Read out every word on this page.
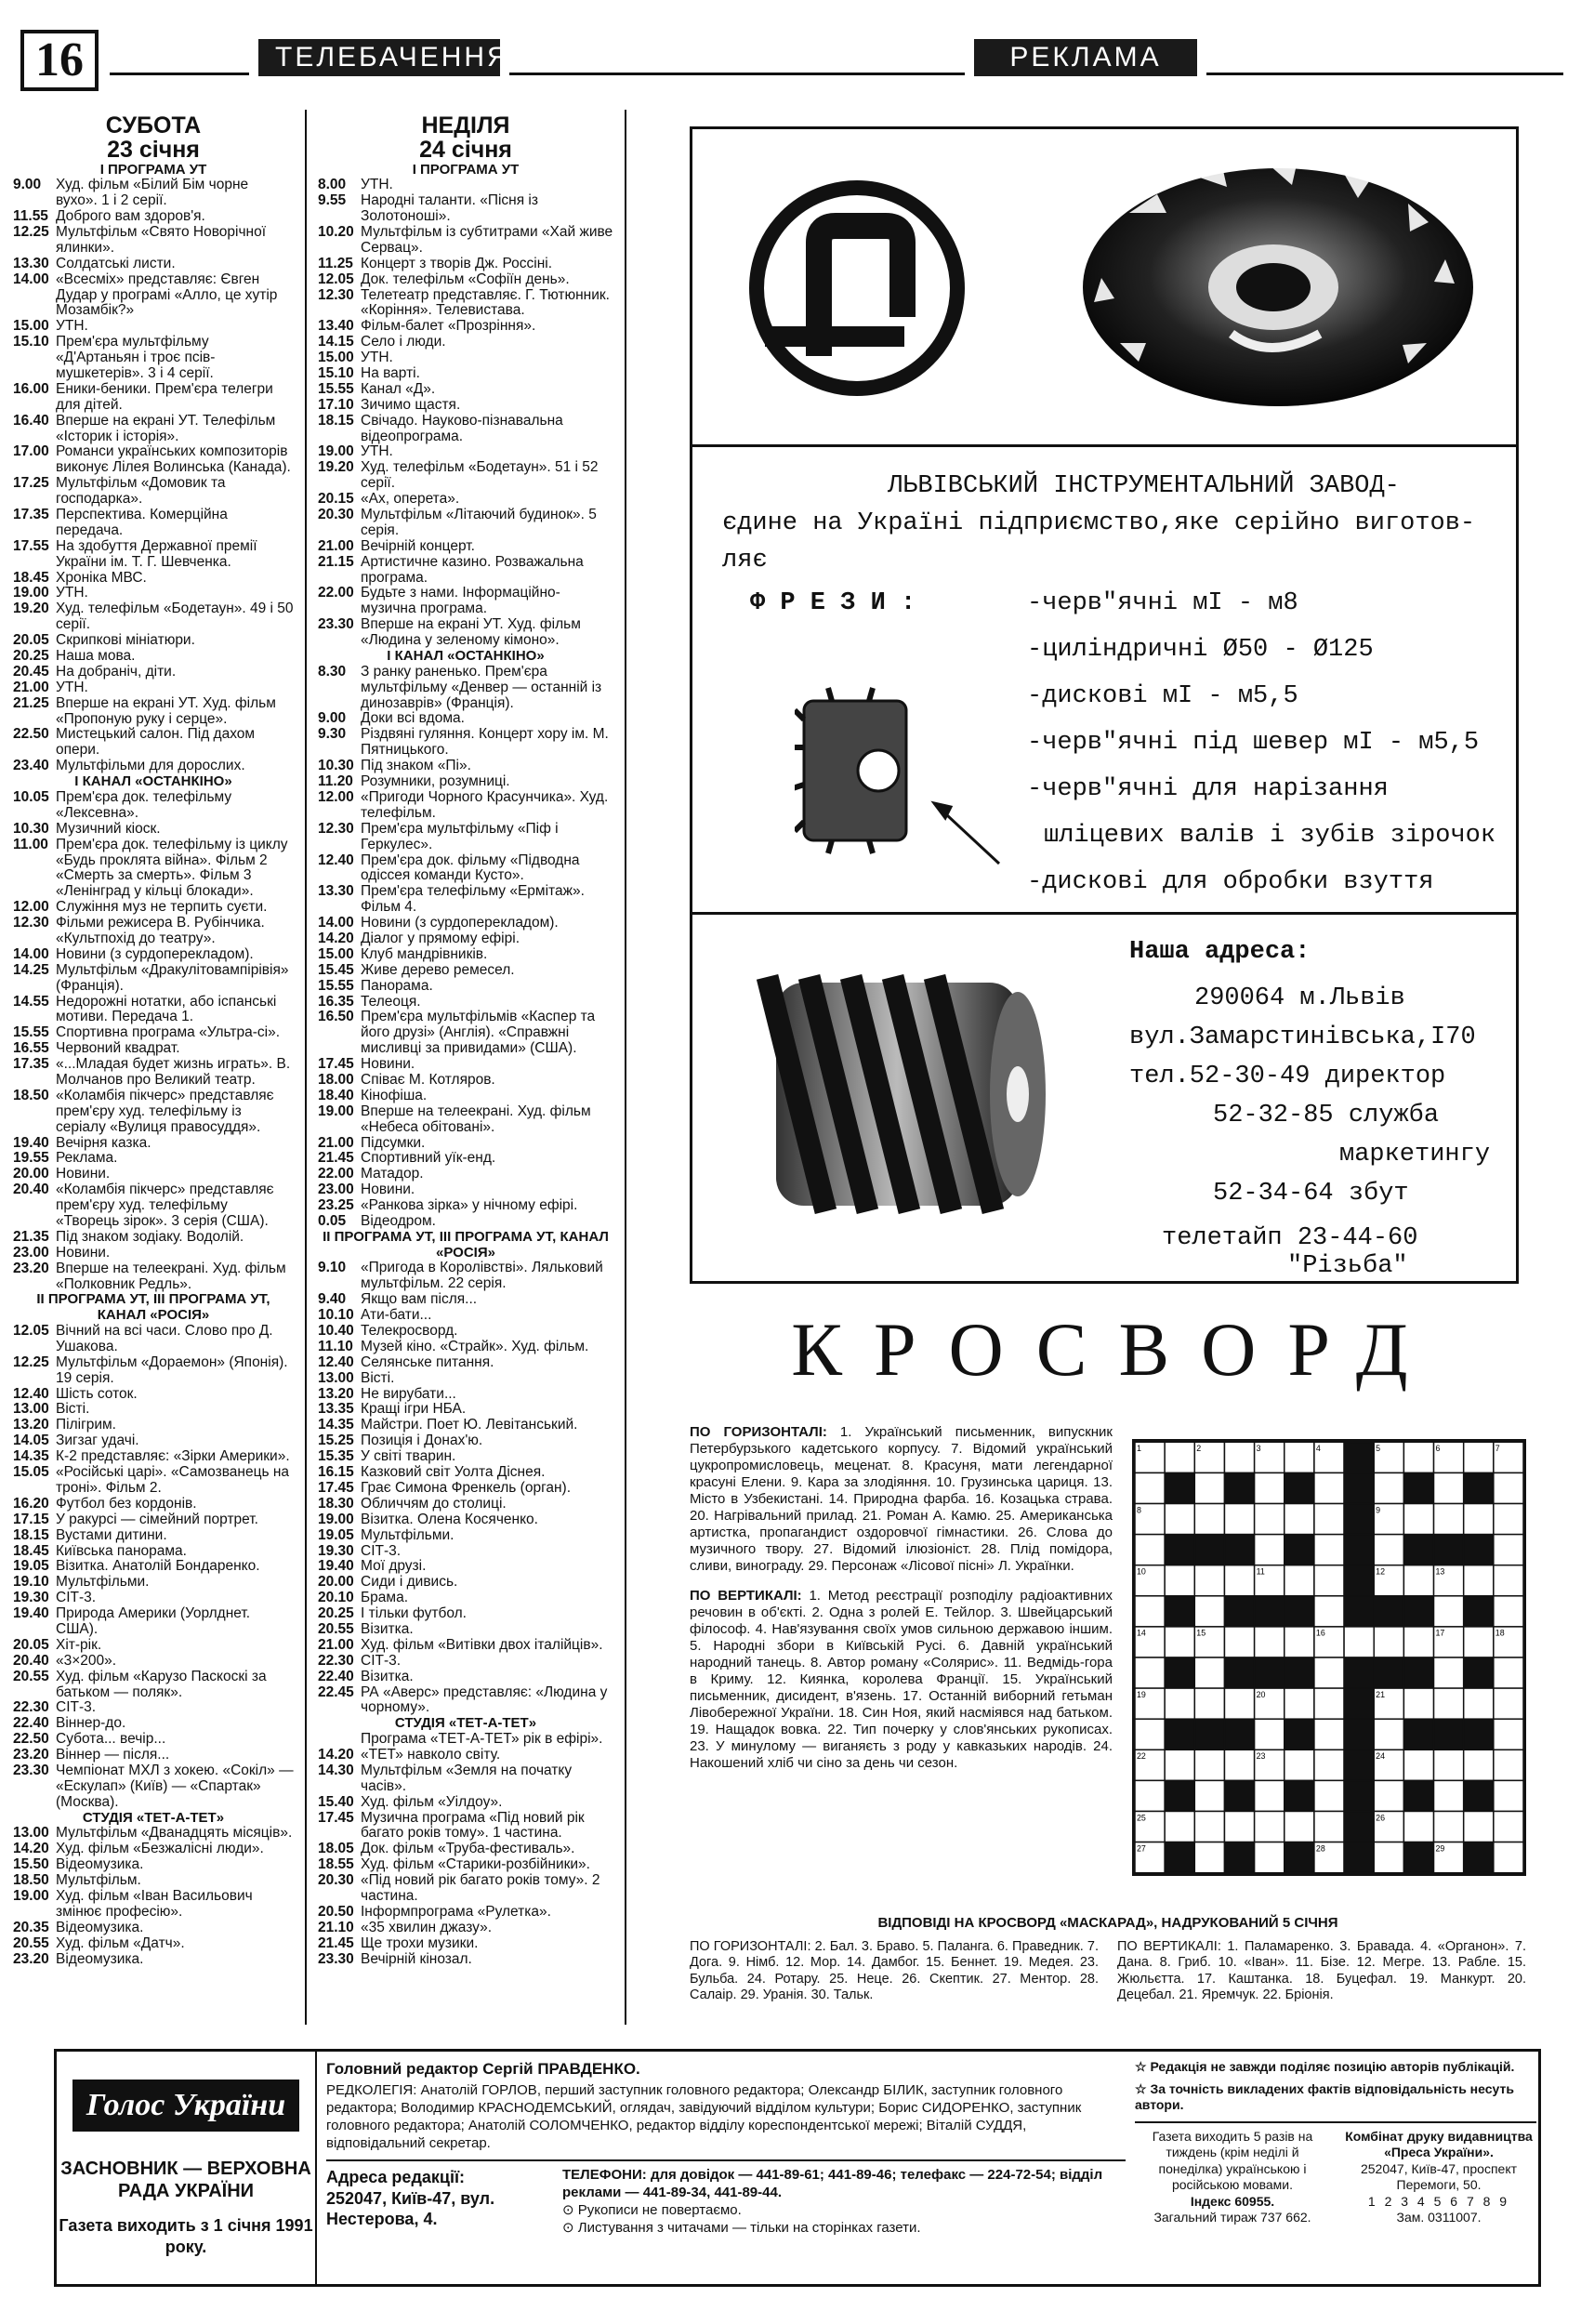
16	ТЕЛЕБАЧЕННЯ	РЕКЛАМА
СУБОТА
23 січня
І ПРОГРАМА УТ
9.00	Худ. фільм «Білий Бім чорне вухо». 1 і 2 серії.
11.55 Доброго вам здоров'я.
12.25 Мультфільм «Свято Новорічної ялинки».
13.30 Солдатські листи.
14.00 «Всесміх» представляє: Євген Дудар у програмі «Алло, це хутір Мозамбік?»
15.00 УТН.
15.10 Прем'єра мультфільму «Д'Артаньян і троє псів-мушкетерів». 3 і 4 серії.
16.00 Еники-беники. Прем'єра телегри для дітей.
16.40 Вперше на екрані УТ. Телефільм «Історик і історія».
17.00 Романси українських композиторів виконує Лілея Волинська (Канада).
17.25 Мультфільм «Домовик та господарка».
17.35 Перспектива. Комерційна передача.
17.55 На здобуття Державної премії України ім. Т. Г. Шевченка.
18.45 Хроніка МВС.
19.00 УТН.
19.20 Худ. телефільм «Бодетаун». 49 і 50 серії.
20.05 Скрипкові мініатюри.
20.25 Наша мова.
20.45 На добраніч, діти.
21.00 УТН.
21.25 Вперше на екрані УТ. Худ. фільм «Пропоную руку і серце».
22.50 Мистецький салон. Під дахом опери.
23.40 Мультфільми для дорослих.
І КАНАЛ «ОСТАНКІНО»
10.05 Прем'єра док. телефільму «Лексевна».
10.30 Музичний кіоск.
11.00 Прем'єра док. телефільму із циклу «Будь проклята війна». Фільм 2 «Смерть за смерть». Фільм 3 «Ленінград у кільці блокади».
12.00 Служіння муз не терпить суєти.
12.30 Фільми режисера В. Рубінчика. «Культпохід до театру».
14.00 Новини (з сурдоперекладом).
14.25 Мультфільм «Дракулітовампірівія» (Франція).
14.55 Недорожні нотатки, або іспанські мотиви. Передача 1.
15.55 Спортивна програма «Ультра-сі».
16.55 Червоний квадрат.
17.35 «...Младая будет жизнь играть». В. Молчанов про Великий театр.
18.50 «Коламбія пікчерс» представляє прем'єру худ. телефільму із серіалу «Вулиця правосуддя».
19.40 Вечірня казка.
19.55 Реклама.
20.00 Новини.
20.40 «Коламбія пікчерс» представляє прем'єру худ. телефільму «Творець зірок». 3 серія (США).
21.35 Під знаком зодіаку. Водолій.
23.00 Новини.
23.20 Вперше на телеекрані. Худ. фільм «Полковник Редль».
ІІ ПРОГРАМА УТ, ІІІ ПРОГРАМА УТ, КАНАЛ «РОСІЯ»
12.05 Вічний на всі часи. Слово про Д. Ушакова.
12.25 Мультфільм «Дораемон» (Японія). 19 серія.
12.40 Шість соток.
13.00 Вісті.
13.20 Пілігрим.
14.05 Зигзаг удачі.
14.35 К-2 представляє: «Зірки Америки».
15.05 «Російські царі». «Самозванець на троні». Фільм 2.
16.20 Футбол без кордонів.
17.15 У ракурсі — сімейний портрет.
18.15 Вустами дитини.
18.45 Київська панорама.
19.05 Візитка. Анатолій Бондаренко.
19.10 Мультфільми.
19.30 СІТ-3.
19.40 Природа Америки (Уорлднет. США).
20.05 Хіт-рік.
20.40 «3×200».
20.55 Худ. фільм «Карузо Паскоскі за батьком — поляк».
22.30 СІТ-3.
22.40 Віннер-до.
22.50 Субота... вечір...
23.20 Віннер — після...
23.30 Чемпіонат МХЛ з хокею. «Сокіл» — «Ескулап» (Київ) — «Спартак» (Москва).
СТУДІЯ «ТЕТ-А-ТЕТ»
13.00 Мультфільм «Дванадцять місяців».
14.20 Худ. фільм «Безжалісні люди».
15.50 Відеомузика.
18.50 Мультфільм.
19.00 Худ. фільм «Іван Васильович змінює професію».
20.35 Відеомузика.
20.55 Худ. фільм «Датч».
23.20 Відеомузика.
НЕДІЛЯ
24 січня
І ПРОГРАМА УТ
8.00	УТН.
9.55	Народні таланти. «Пісня із Золотоноші».
10.20 Мультфільм із субтитрами «Хай живе Сервац».
11.25 Концерт з творів Дж. Россіні.
12.05 Док. телефільм «Софіїн день».
12.30 Телетеатр представляє. Г. Тютюнник. «Коріння». Телевистава.
13.40 Фільм-балет «Прозріння».
14.15 Село і люди.
15.00 УТН.
15.10 На варті.
15.55 Канал «Д».
17.10 Зичимо щастя.
18.15 Свічадо. Науково-пізнавальна відеопрограма.
19.00 УТН.
19.20 Худ. телефільм «Бодетаун». 51 і 52 серії.
20.15 «Ах, оперета».
20.30 Мультфільм «Літаючий будинок». 5 серія.
21.00 Вечірній концерт.
21.15 Артистичне казино. Розважальна програма.
22.00 Будьте з нами. Інформаційно-музична програма.
23.30 Вперше на екрані УТ. Худ. фільм «Людина у зеленому кімоно».
І КАНАЛ «ОСТАНКІНО»
8.30	З ранку раненько. Прем'єра мультфільму «Денвер — останній із динозаврів» (Франція).
9.00	Доки всі вдома.
9.30	Різдвяні гуляння. Концерт хору ім. М. Пятницького.
10.30 Під знаком «Пі».
11.20 Розумники, розумниці.
12.00 «Пригоди Чорного Красунчика». Худ. телефільм.
12.30 Прем'єра мультфільму «Піф і Геркулес».
12.40 Прем'єра док. фільму «Підводна одіссея команди Кусто».
13.30 Прем'єра телефільму «Ермітаж». Фільм 4.
14.00 Новини (з сурдоперекладом).
14.20 Діалог у прямому ефірі.
15.00 Клуб мандрівників.
15.45 Живе дерево ремесел.
15.55 Панорама.
16.35 Телеоця.
16.50 Прем'єра мультфільмів «Каспер та його друзі» (Англія). «Справжні мисливці за привидами» (США).
17.45 Новини.
18.00 Співає М. Котляров.
18.40 Кінофіша.
19.00 Вперше на телеекрані. Худ. фільм «Небеса обітовані».
21.00 Підсумки.
21.45 Спортивний уїк-енд.
22.00 Матадор.
23.00 Новини.
23.25 «Ранкова зірка» у нічному ефірі.
0.05	Відеодром.
ІІ ПРОГРАМА УТ, ІІІ ПРОГРАМА УТ, КАНАЛ «РОСІЯ»
9.10	«Пригода в Королівстві». Ляльковий мультфільм. 22 серія.
9.40	Якщо вам після...
10.10 Ати-бати...
10.40 Телекросворд.
11.10 Музей кіно. «Страйк». Худ. фільм.
12.40 Селянське питання.
13.00 Вісті.
13.20 Не вирубати...
13.35 Кращі ігри НБА.
14.35 Майстри. Поет Ю. Левітанський.
15.25 Позиція і Донах'ю.
15.35 У світі тварин.
16.15 Казковий світ Уолта Діснея.
17.45 Грає Симона Френкель (орган).
18.30 Обличчям до столиці.
19.00 Візитка. Олена Косяченко.
19.05 Мультфільми.
19.30 СІТ-3.
19.40 Мої друзі.
20.00 Сиди і дивись.
20.10 Брама.
20.25 І тільки футбол.
20.55 Візитка.
21.00 Худ. фільм «Витівки двох італійців».
22.30 СІТ-3.
22.40 Візитка.
22.45 РА «Аверс» представляє: «Людина у чорному».
СТУДІЯ «ТЕТ-А-ТЕТ»
Програма «ТЕТ-А-ТЕТ» рік в ефірі».
14.20 «ТЕТ» навколо світу.
14.30 Мультфільм «Земля на початку часів».
15.40 Худ. фільм «Уілдоу».
17.45 Музична програма «Під новий рік багато років тому». 1 частина.
18.05 Док. фільм «Труба-фестиваль».
18.55 Худ. фільм «Старики-розбійники».
20.30 «Під новий рік багато років тому». 2 частина.
20.50 Інформпрограма «Рулетка».
21.10 «35 хвилин джазу».
21.45 Ще трохи музики.
23.30 Вечірній кінозал.
ЛЬВІВСЬКИЙ ІНСТРУМЕНТАЛЬНИЙ ЗАВОД-
єдине на Україні підприємство,яке серійно виготов-
ляє
Ф Р Е З И :	-черв"ячні мІ - м8
-циліндричні Ø50 - Ø125
-дискові мІ - м5,5
-черв"ячні під шевер мІ - м5,5
-черв"ячні для нарізання
шліцевих валів і зубів зірочок
-дискові для обробки взуття
Наша адреса:
290064 м.Львів
вул.Замарстинівська,І70
тел.52-30-49 директор
52-32-85 служба
маркетингу
52-34-64 збут
телетайп 23-44-60
"Різьба"
КРОСВОРД

ПО ГОРИЗОНТАЛІ: 1. Український письменник, випускник Петербурзького кадетського корпусу. 7. Відомий український цукропромисловець, меценат. 8. Красуня, мати легендарної красуні Елени. 9. Кара за злодіяння. 10. Грузинська цариця. 13. Місто в Узбекистані. 14. Природна фарба. 16. Козацька страва. 20. Нагрівальний прилад. 21. Роман А. Камю. 25. Американська артистка, пропагандист оздоровчої гімнастики. 26. Слова до музичного твору. 27. Відомий ілюзіоніст. 28. Плід помідора, сливи, винограду. 29. Персонаж «Лісової пісні» Л. Українки.

ПО ВЕРТИКАЛІ: 1. Метод реєстрації розподілу радіоактивних речовин в об'єкті. 2. Одна з ролей Е. Тейлор. 3. Швейцарський філософ. 4. Нав'язування своїх умов сильною державою іншим. 5. Народні збори в Київській Русі. 6. Давній український народний танець. 8. Автор роману «Солярис». 11. Ведмідь-гора в Криму. 12. Киянка, королева Франції. 15. Український письменник, дисидент, в'язень. 17. Останній виборний гетьман Лівобережної України. 18. Син Ноя, який насміявся над батьком. 19. Нащадок вовка. 22. Тип почерку у слов'янських рукописах. 23. У минулому — виганяєть з роду у кавказьких народів. 24. Накошений хліб чи сіно за день чи сезон.

1	2	3	4	5	6	7
8	9
10	11	12	13
14	15	16	17	18
19	20	21
22	23	24
25	26
27	28	29
ВІДПОВІДІ НА КРОСВОРД «МАСКАРАД», НАДРУКОВАНИЙ 5 СІЧНЯ
ПО ГОРИЗОНТАЛІ: 2. Бал. 3. Браво. 5. Паланга. 6. Праведник. 7. Дога. 9. Німб. 12. Мор. 14. Дамбог. 15. Беннет. 19. Медея. 23. Бульба. 24. Ротару. 25. Неце. 26. Скептик. 27. Ментор. 28. Салаір. 29. Уранія. 30. Тальк.
ПО ВЕРТИКАЛІ: 1. Паламаренко. 3. Бравада. 4. «Органон». 7. Дана. 8. Гриб. 10. «Іван». 11. Бізе. 12. Мегре. 13. Рабле. 15. Жюльєтта. 17. Каштанка. 18. Буцефал. 19. Манкурт. 20. Децебал. 21. Яремчук. 22. Бріонія.
Голос України
ЗАСНОВНИК — ВЕРХОВНА РАДА УКРАЇНИ
Газета виходить з 1 січня 1991 року.
Головний редактор Сергій ПРАВДЕНКО.
РЕДКОЛЕГІЯ: Анатолій ГОРЛОВ, перший заступник головного редактора; Олександр БІЛИК, заступник головного редактора; Володимир КРАСНОДЕМСЬКИЙ, оглядач, завідуючий відділом культури; Борис СИДОРЕНКО, заступник головного редактора; Анатолій СОЛОМЧЕНКО, редактор відділу кореспондентської мережі; Віталій СУДДЯ, відповідальний секретар.
Адреса редакції:
252047, Київ-47, вул. Нестерова, 4.
ТЕЛЕФОНИ: для довідок — 441-89-61; 441-89-46; телефакс — 224-72-54; відділ реклами — 441-89-34, 441-89-44.
⊙ Рукописи не повертаємо.
⊙ Листування з читачами — тільки на сторінках газети.
☆ Редакція не завжди поділяє позицію авторів публікацій.
☆ За точність викладених фактів відповідальність несуть автори.
Газета виходить 5 разів на тиждень (крім неділі й понеділка) українською і російською мовами.
Індекс 60955.
Загальний тираж 737 662.
Комбінат друку видавництва «Преса України».
252047, Київ-47, проспект Перемоги, 50.
1 2 3 4 5 6 7 8 9
Зам. 0311007.
